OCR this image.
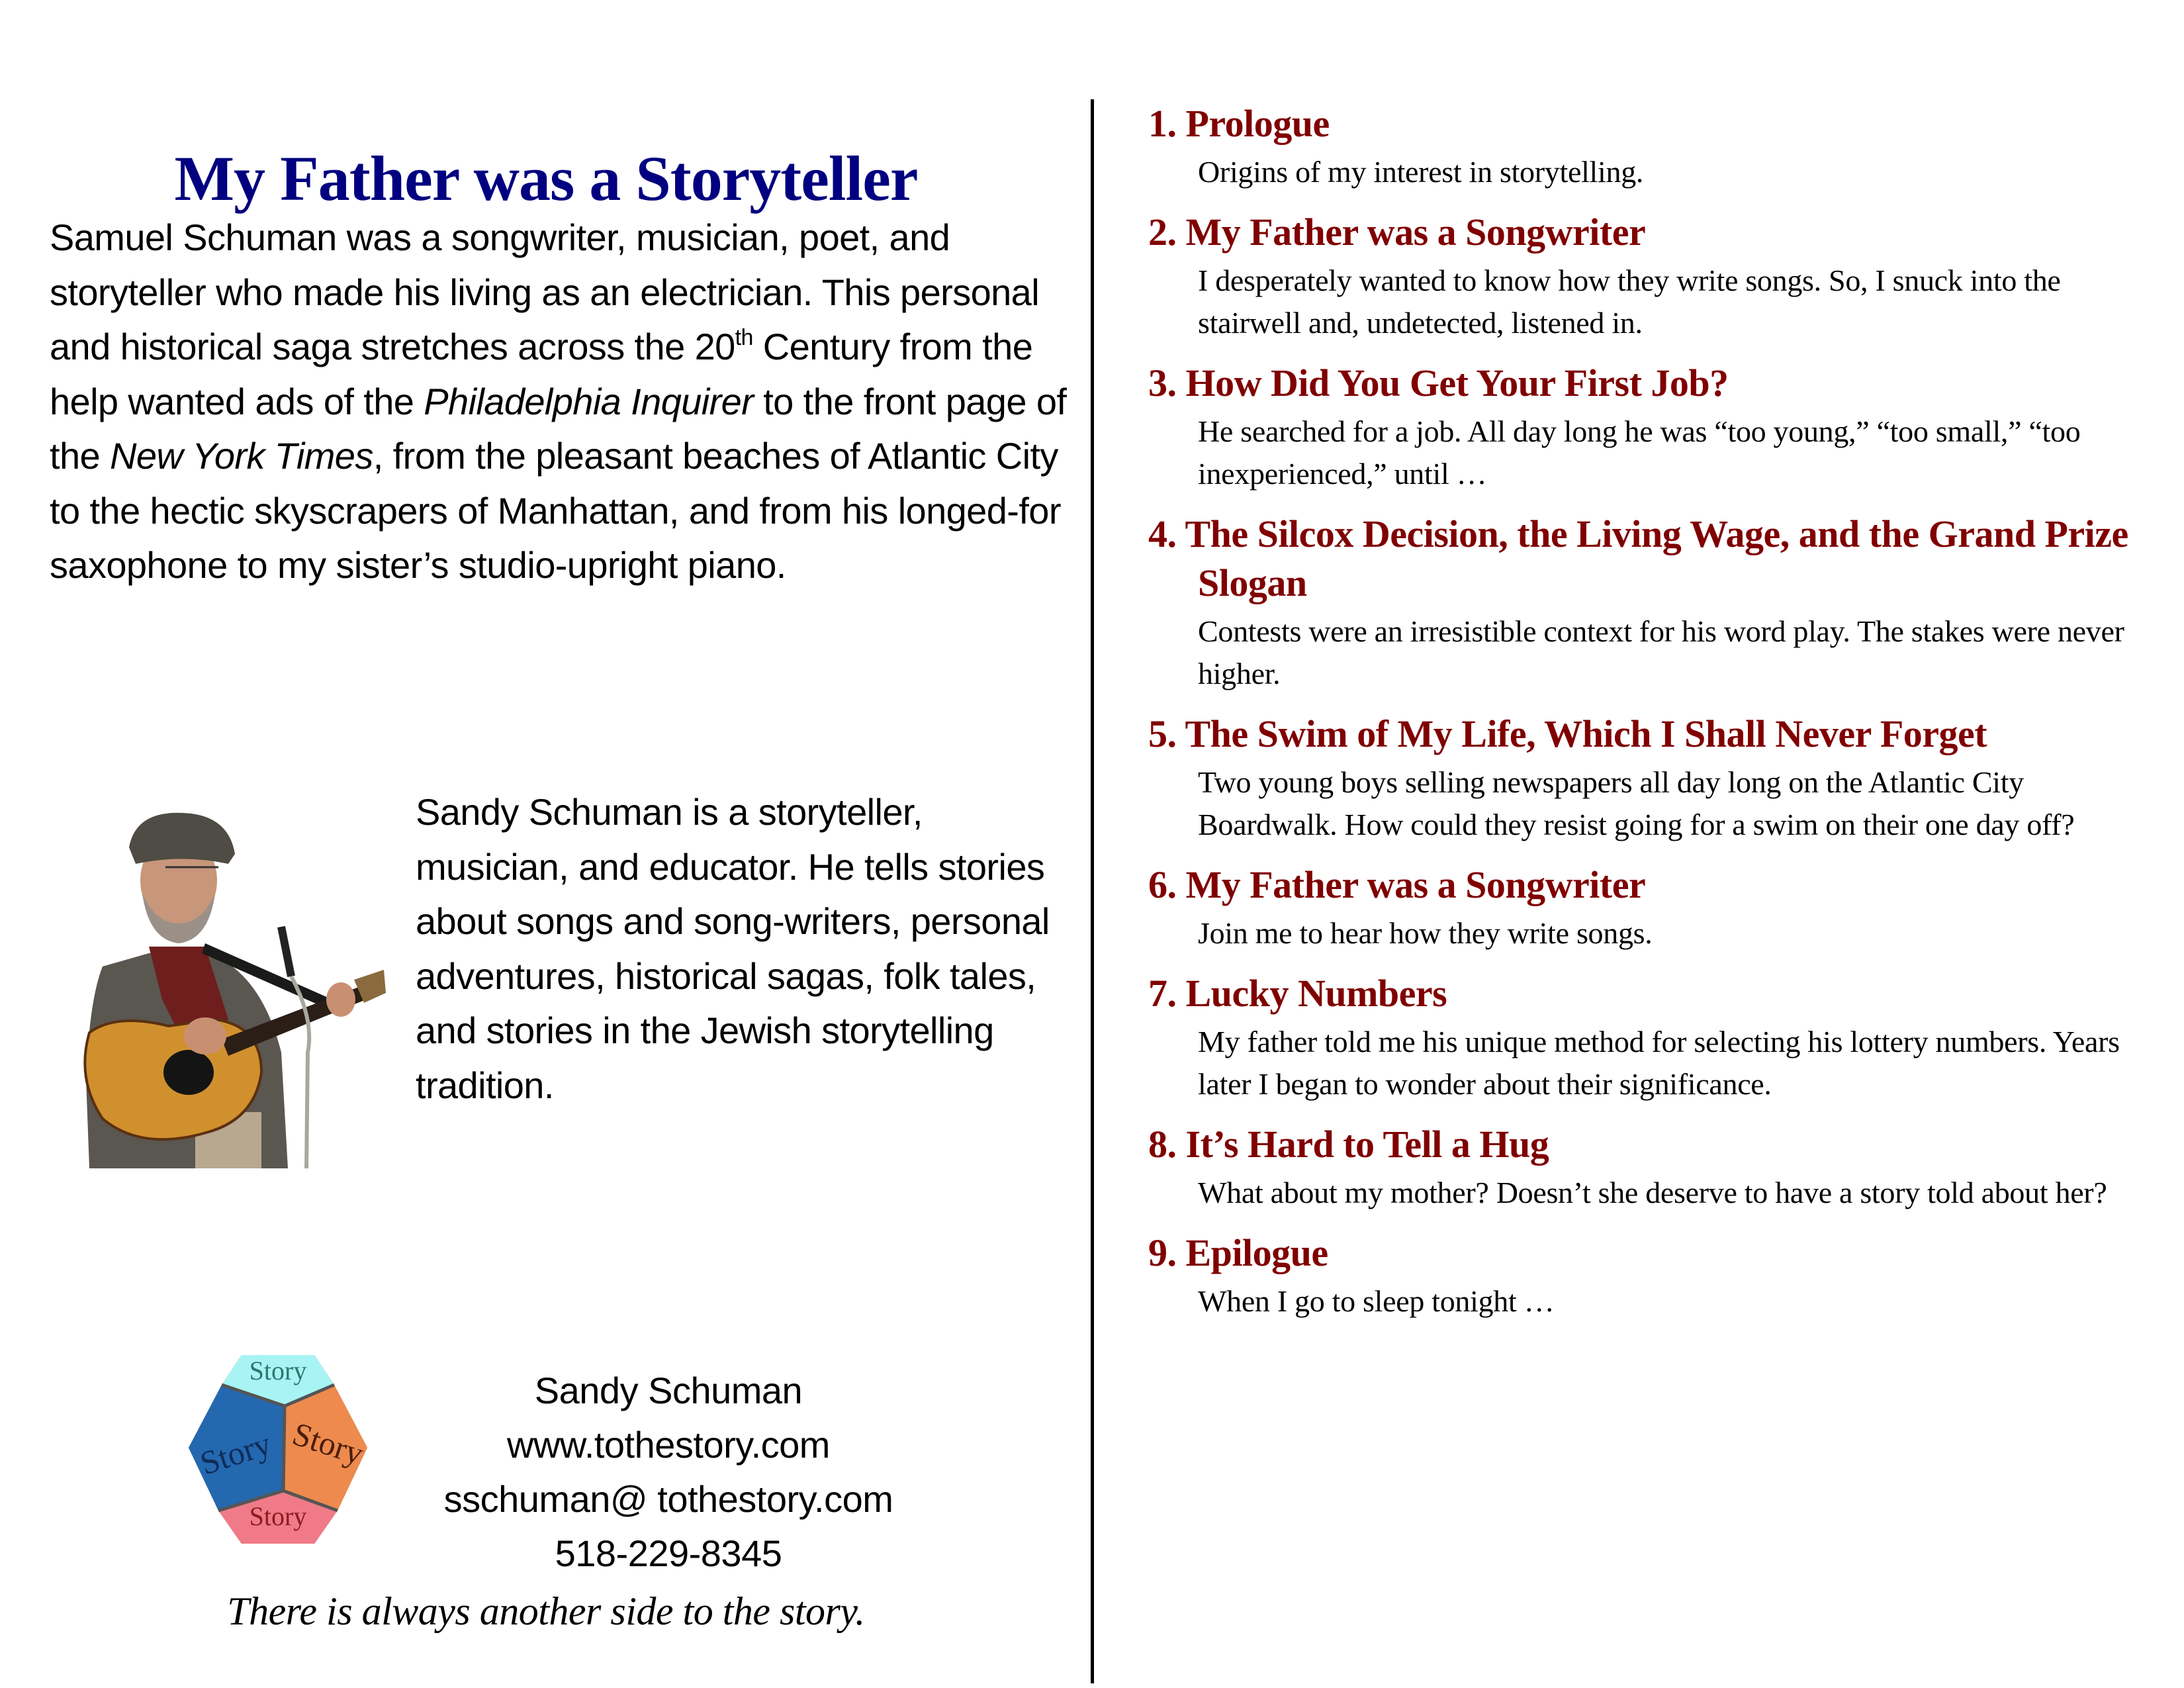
My Father was a Storyteller
Samuel Schuman was a songwriter, musician, poet, and storyteller who made his living as an electrician. This personal and historical saga stretches across the 20th Century from the help wanted ads of the Philadelphia Inquirer to the front page of the New York Times, from the pleasant beaches of Atlantic City to the hectic skyscrapers of Manhattan, and from his longed-for saxophone to my sister’s studio-upright piano.
Sandy Schuman is a storyteller, musician, and educator. He tells stories about songs and song-writers, personal adventures, historical sagas, folk tales, and stories in the Jewish storytelling tradition.
Story
Story Story
Story
Sandy Schuman
www.tothestory.com
sschuman@ tothestory.com
518-229-8345
There is always another side to the story.
1. Prologue
Origins of my interest in storytelling.
2. My Father was a Songwriter
I desperately wanted to know how they write songs. So, I snuck into the stairwell and, undetected, listened in.
3. How Did You Get Your First Job?
He searched for a job. All day long he was “too young,” “too small,” “too inexperienced,” until …
4. The Silcox Decision, the Living Wage, and the Grand Prize Slogan
Contests were an irresistible context for his word play. The stakes were never higher.
5. The Swim of My Life, Which I Shall Never Forget
Two young boys selling newspapers all day long on the Atlantic City Boardwalk. How could they resist going for a swim on their one day off?
6. My Father was a Songwriter
Join me to hear how they write songs.
7. Lucky Numbers
My father told me his unique method for selecting his lottery numbers. Years later I began to wonder about their significance.
8. It’s Hard to Tell a Hug
What about my mother? Doesn’t she deserve to have a story told about her?
9. Epilogue
When I go to sleep tonight …
